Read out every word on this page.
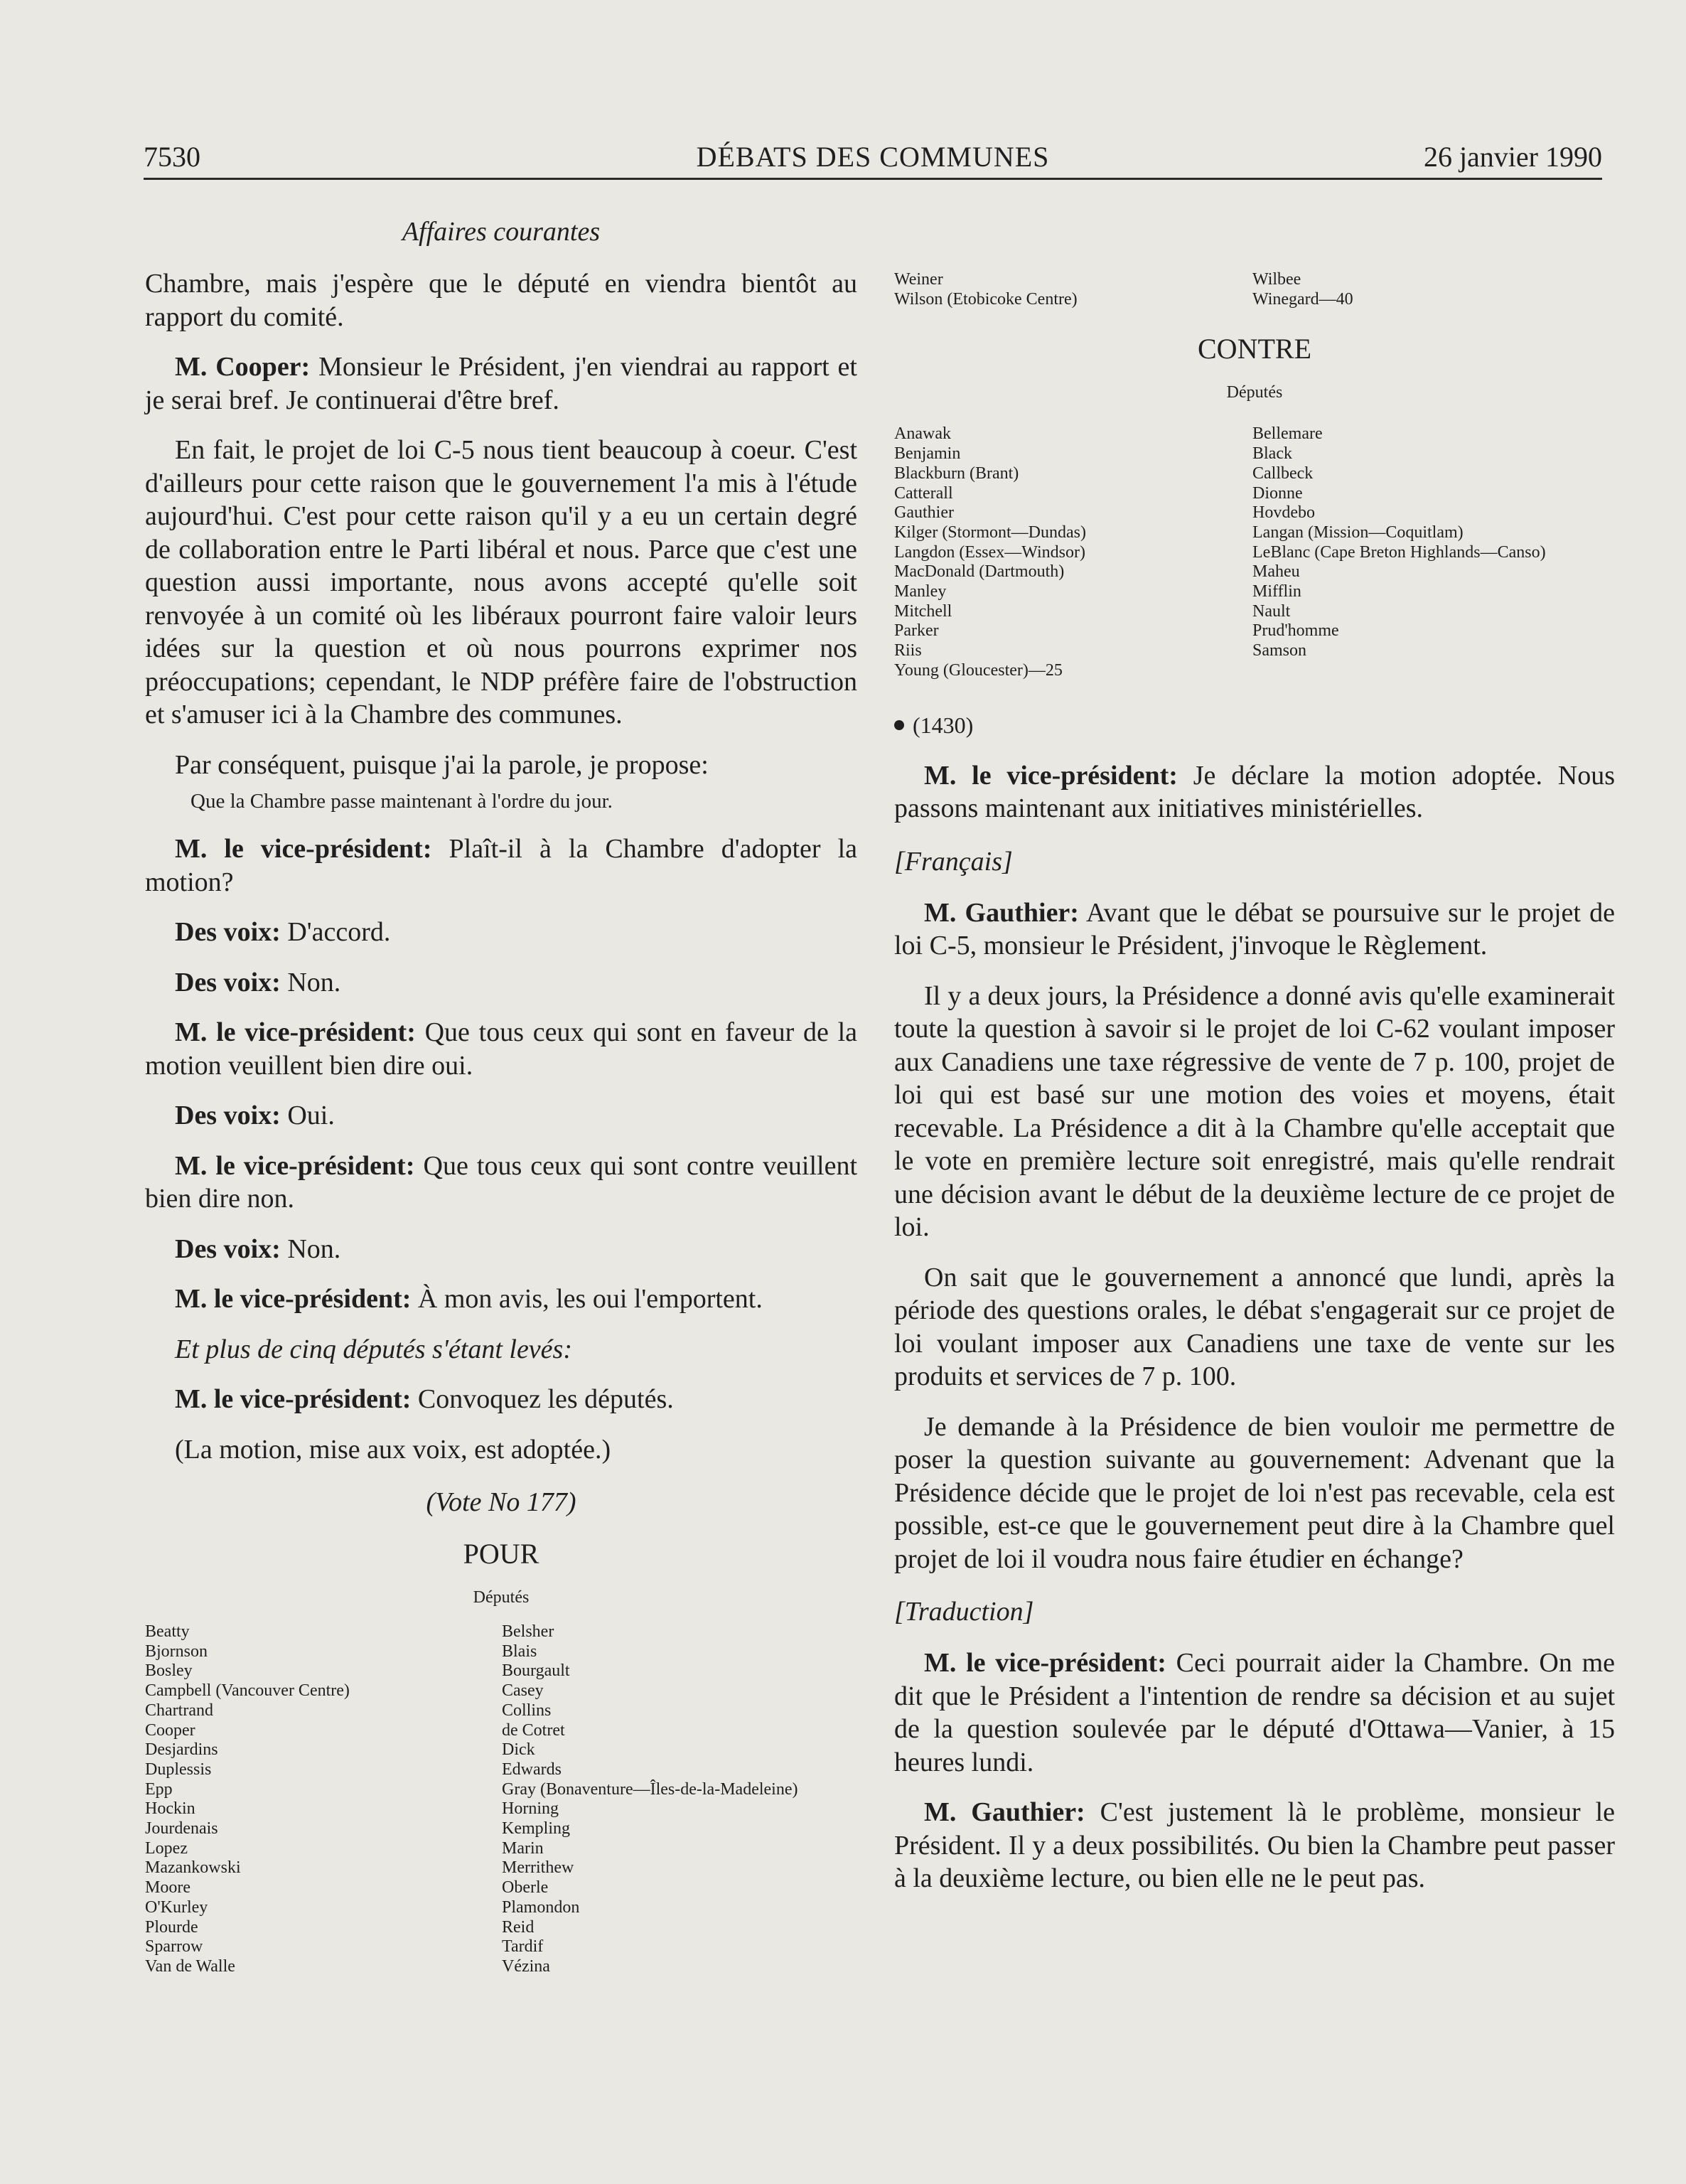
7530	DÉBATS DES COMMUNES	26 janvier 1990
Affaires courantes

Chambre, mais j'espère que le député en viendra bientôt au rapport du comité.

M. Cooper: Monsieur le Président, j'en viendrai au rapport et je serai bref. Je continuerai d'être bref.

En fait, le projet de loi C-5 nous tient beaucoup à coeur. C'est d'ailleurs pour cette raison que le gouvernement l'a mis à l'étude aujourd'hui. C'est pour cette raison qu'il y a eu un certain degré de collaboration entre le Parti libéral et nous. Parce que c'est une question aussi importante, nous avons accepté qu'elle soit renvoyée à un comité où les libéraux pourront faire valoir leurs idées sur la question et où nous pourrons exprimer nos préoccupations; cependant, le NDP préfère faire de l'obstruction et s'amuser ici à la Chambre des communes.

Par conséquent, puisque j'ai la parole, je propose:

Que la Chambre passe maintenant à l'ordre du jour.

M. le vice-président: Plaît-il à la Chambre d'adopter la motion?

Des voix: D'accord.

Des voix: Non.

M. le vice-président: Que tous ceux qui sont en faveur de la motion veuillent bien dire oui.

Des voix: Oui.

M. le vice-président: Que tous ceux qui sont contre veuillent bien dire non.

Des voix: Non.

M. le vice-président: À mon avis, les oui l'emportent.

Et plus de cinq députés s'étant levés:

M. le vice-président: Convoquez les députés.

(La motion, mise aux voix, est adoptée.)

(Vote No 177)
POUR
Députés
Beatty
Bjornson
Bosley
Campbell (Vancouver Centre)
Chartrand
Cooper
Desjardins
Duplessis
Epp
Hockin
Jourdenais
Lopez
Mazankowski
Moore
O'Kurley
Plourde
Sparrow
Van de Walle
Belsher
Blais
Bourgault
Casey
Collins
de Cotret
Dick
Edwards
Gray (Bonaventure—Îles-de-la-Madeleine)
Horning
Kempling
Marin
Merrithew
Oberle
Plamondon
Reid
Tardif
Vézina
Weiner
Wilson (Etobicoke Centre)
Wilbee
Winegard—40
CONTRE
Députés
Anawak
Benjamin
Blackburn (Brant)
Catterall
Gauthier
Kilger (Stormont—Dundas)
Langdon (Essex—Windsor)
MacDonald (Dartmouth)
Manley
Mitchell
Parker
Riis
Young (Gloucester)—25
Bellemare
Black
Callbeck
Dionne
Hovdebo
Langan (Mission—Coquitlam)
LeBlanc (Cape Breton Highlands—Canso)
Maheu
Mifflin
Nault
Prud'homme
Samson
(1430)

M. le vice-président: Je déclare la motion adoptée. Nous passons maintenant aux initiatives ministérielles.

[Français]

M. Gauthier: Avant que le débat se poursuive sur le projet de loi C-5, monsieur le Président, j'invoque le Règlement.

Il y a deux jours, la Présidence a donné avis qu'elle examinerait toute la question à savoir si le projet de loi C-62 voulant imposer aux Canadiens une taxe régressive de vente de 7 p. 100, projet de loi qui est basé sur une motion des voies et moyens, était recevable. La Présidence a dit à la Chambre qu'elle acceptait que le vote en première lecture soit enregistré, mais qu'elle rendrait une décision avant le début de la deuxième lecture de ce projet de loi.

On sait que le gouvernement a annoncé que lundi, après la période des questions orales, le débat s'engagerait sur ce projet de loi voulant imposer aux Canadiens une taxe de vente sur les produits et services de 7 p. 100.

Je demande à la Présidence de bien vouloir me permettre de poser la question suivante au gouvernement: Advenant que la Présidence décide que le projet de loi n'est pas recevable, cela est possible, est-ce que le gouvernement peut dire à la Chambre quel projet de loi il voudra nous faire étudier en échange?

[Traduction]

M. le vice-président: Ceci pourrait aider la Chambre. On me dit que le Président a l'intention de rendre sa décision et au sujet de la question soulevée par le député d'Ottawa—Vanier, à 15 heures lundi.

M. Gauthier: C'est justement là le problème, monsieur le Président. Il y a deux possibilités. Ou bien la Chambre peut passer à la deuxième lecture, ou bien elle ne le peut pas.
